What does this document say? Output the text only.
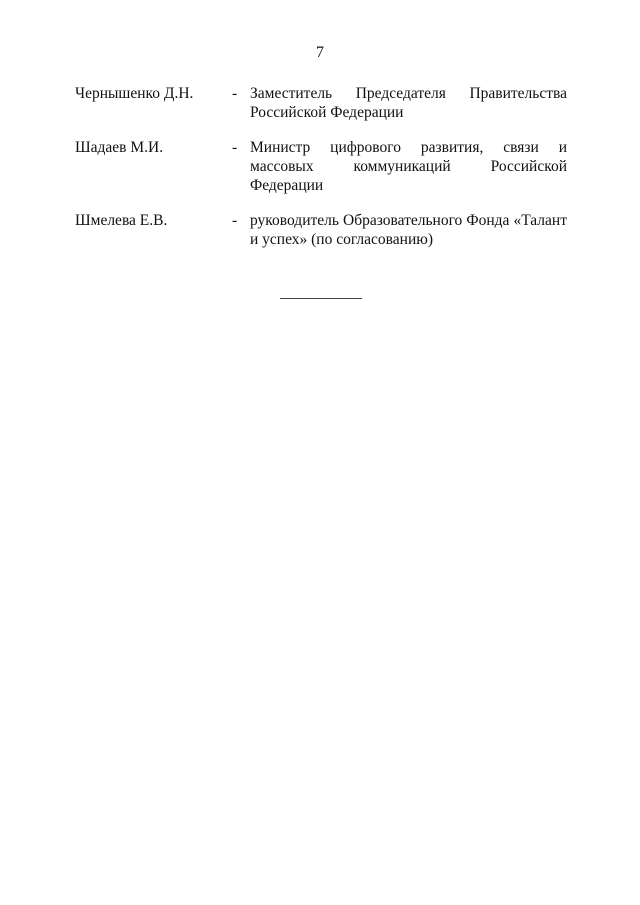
7
Чернышенко Д.Н.	- Заместитель Председателя Правительства Российской Федерации
Шадаев М.И.	- Министр цифрового развития, связи и массовых коммуникаций Российской Федерации
Шмелева Е.В.	- руководитель Образовательного Фонда «Талант и успех» (по согласованию)
